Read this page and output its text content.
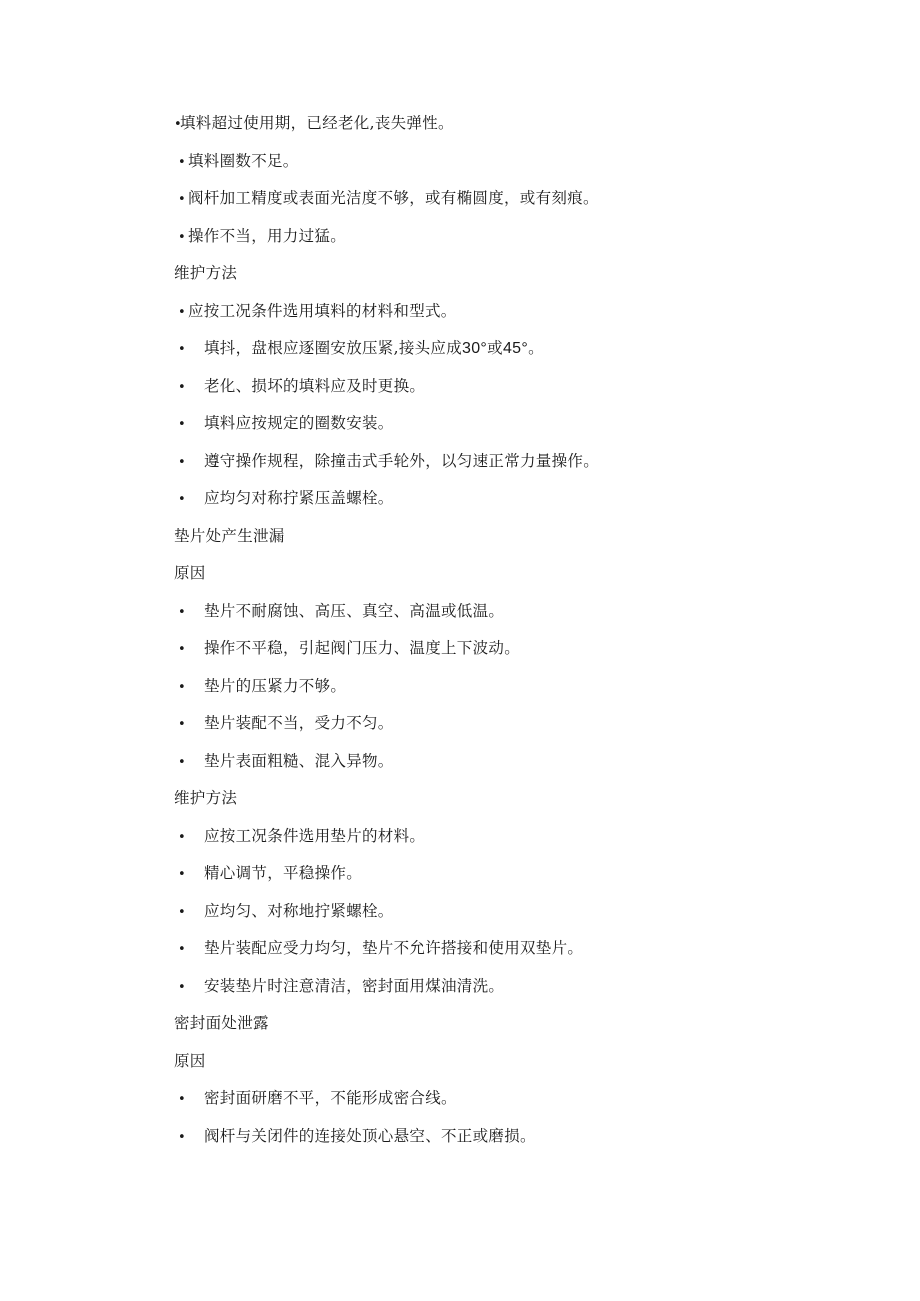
•填料超过使用期，已经老化,丧失弹性。
• 填料圈数不足。
• 阀杆加工精度或表面光洁度不够，或有椭圆度，或有刻痕。
• 操作不当，用力过猛。
维护方法
• 应按工况条件选用填料的材料和型式。
• 填抖，盘根应逐圈安放压紧,接头应成30°或45°。
• 老化、损坏的填料应及时更换。
• 填料应按规定的圈数安装。
• 遵守操作规程，除撞击式手轮外，以匀速正常力量操作。
• 应均匀对称拧紧压盖螺栓。
垫片处产生泄漏
原因
• 垫片不耐腐蚀、高压、真空、高温或低温。
• 操作不平稳，引起阀门压力、温度上下波动。
• 垫片的压紧力不够。
• 垫片装配不当，受力不匀。
• 垫片表面粗糙、混入异物。
维护方法
• 应按工况条件选用垫片的材料。
• 精心调节，平稳操作。
• 应均匀、对称地拧紧螺栓。
• 垫片装配应受力均匀，垫片不允许搭接和使用双垫片。
• 安装垫片时注意清洁，密封面用煤油清洗。
密封面处泄露
原因
• 密封面研磨不平，不能形成密合线。
• 阀杆与关闭件的连接处顶心悬空、不正或磨损。
